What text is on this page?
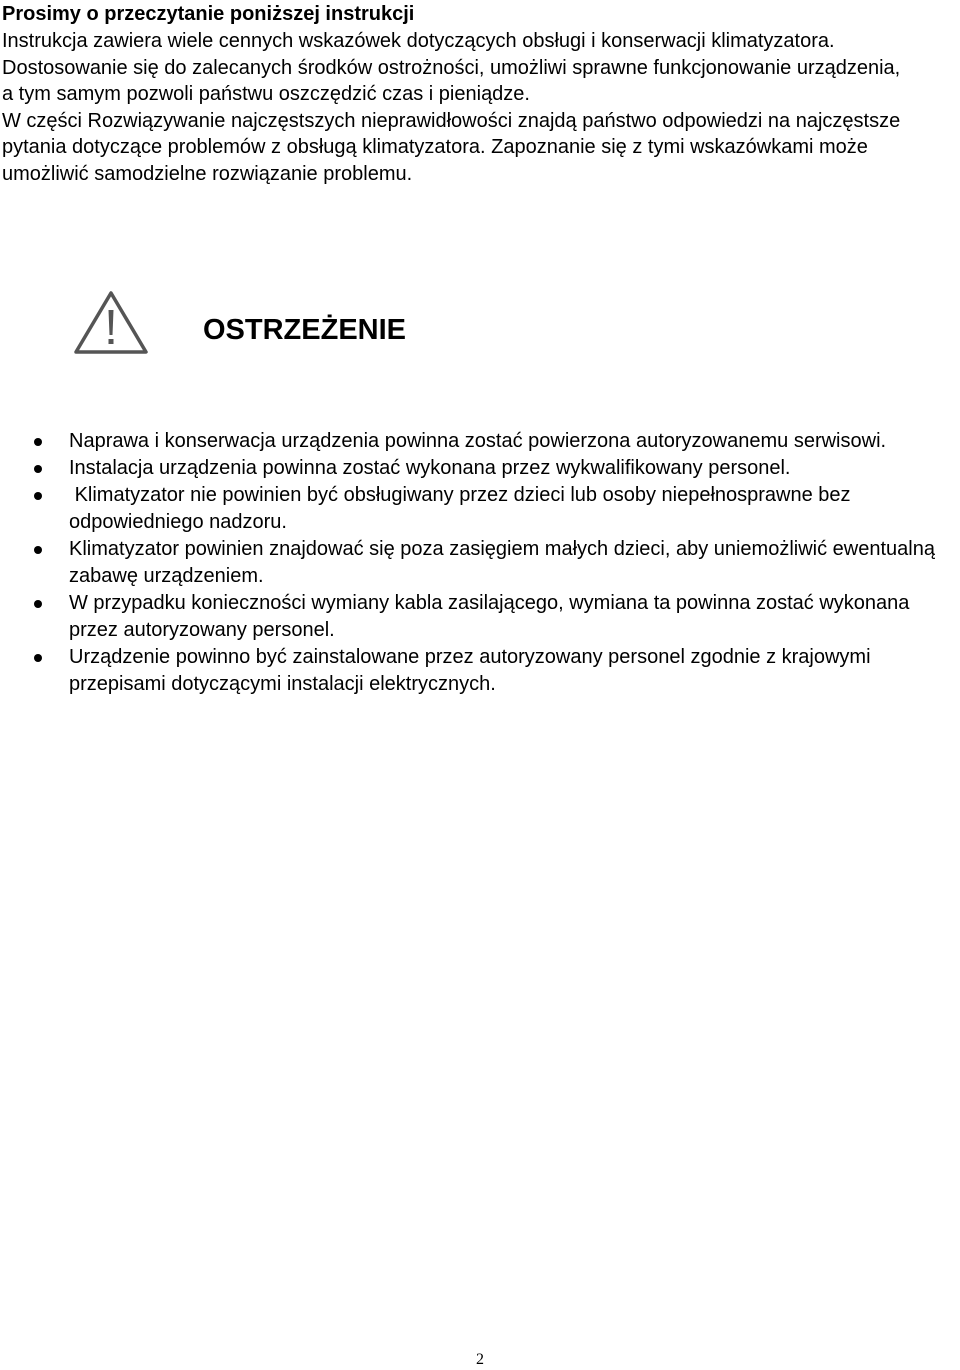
Prosimy o przeczytanie poniższej instrukcji

Instrukcja zawiera wiele cennych wskazówek dotyczących obsługi i konserwacji klimatyzatora.

Dostosowanie się do zalecanych środków ostrożności, umożliwi sprawne funkcjonowanie urządzenia,

a tym samym pozwoli państwu oszczędzić czas i pieniądze.

W części Rozwiązywanie najczęstszych nieprawidłowości znajdą państwo odpowiedzi na najczęstsze pytania dotyczące problemów z obsługą klimatyzatora. Zapoznanie się z tymi wskazówkami może umożliwić samodzielne rozwiązanie problemu.

OSTRZEŻENIE
Naprawa i konserwacja urządzenia powinna zostać powierzona autoryzowanemu serwisowi.
Instalacja urządzenia powinna zostać wykonana przez wykwalifikowany personel.
Klimatyzator nie powinien być obsługiwany przez dzieci lub osoby niepełnosprawne bez odpowiedniego nadzoru.
Klimatyzator powinien znajdować się poza zasięgiem małych dzieci, aby uniemożliwić ewentualną zabawę urządzeniem.
W przypadku konieczności wymiany kabla zasilającego, wymiana ta powinna zostać wykonana przez autoryzowany personel.
Urządzenie powinno być zainstalowane przez autoryzowany personel zgodnie z krajowymi przepisami dotyczącymi instalacji elektrycznych.

2
